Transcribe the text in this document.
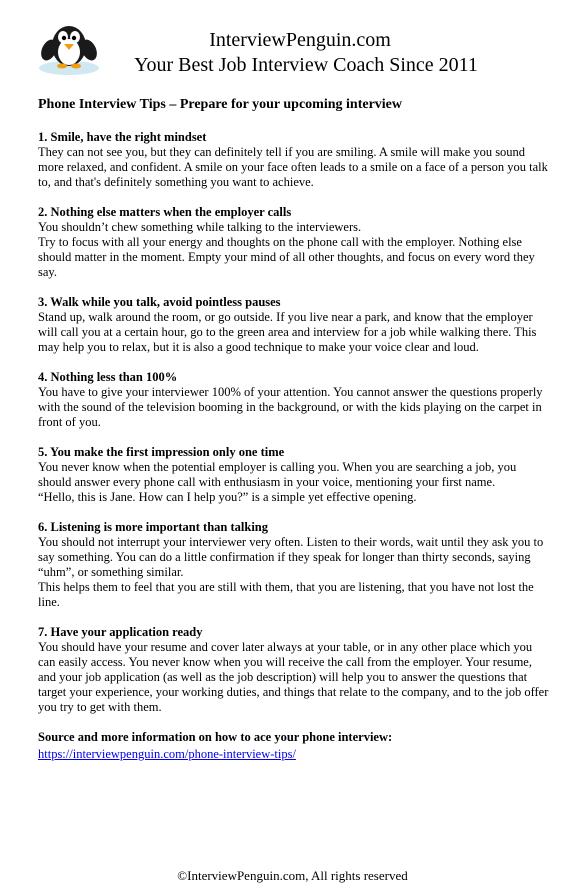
InterviewPenguin.com
Your Best Job Interview Coach Since 2011
Phone Interview Tips – Prepare for your upcoming interview
1. Smile, have the right mindset
They can not see you, but they can definitely tell if you are smiling. A smile will make you sound more relaxed, and confident. A smile on your face often leads to a smile on a face of a person you talk to, and that's definitely something you want to achieve.
2. Nothing else matters when the employer calls
You shouldn’t chew something while talking to the interviewers.
Try to focus with all your energy and thoughts on the phone call with the employer. Nothing else should matter in the moment. Empty your mind of all other thoughts, and focus on every word they say.
3. Walk while you talk, avoid pointless pauses
Stand up, walk around the room, or go outside. If you live near a park, and know that the employer will call you at a certain hour, go to the green area and interview for a job while walking there. This may help you to relax, but it is also a good technique to make your voice clear and loud.
4. Nothing less than 100%
You have to give your interviewer 100% of your attention. You cannot answer the questions properly with the sound of the television booming in the background, or with the kids playing on the carpet in front of you.
5. You make the first impression only one time
You never know when the potential employer is calling you. When you are searching a job, you should answer every phone call with enthusiasm in your voice, mentioning your first name.
“Hello, this is Jane. How can I help you?” is a simple yet effective opening.
6. Listening is more important than talking
You should not interrupt your interviewer very often. Listen to their words, wait until they ask you to say something. You can do a little confirmation if they speak for longer than thirty seconds, saying “uhm”, or something similar.
This helps them to feel that you are still with them, that you are listening, that you have not lost the line.
7. Have your application ready
You should have your resume and cover later always at your table, or in any other place which you can easily access. You never know when you will receive the call from the employer. Your resume, and your job application (as well as the job description) will help you to answer the questions that target your experience, your working duties, and things that relate to the company, and to the job offer you try to get with them.
Source and more information on how to ace your phone interview:
https://interviewpenguin.com/phone-interview-tips/
©InterviewPenguin.com, All rights reserved
